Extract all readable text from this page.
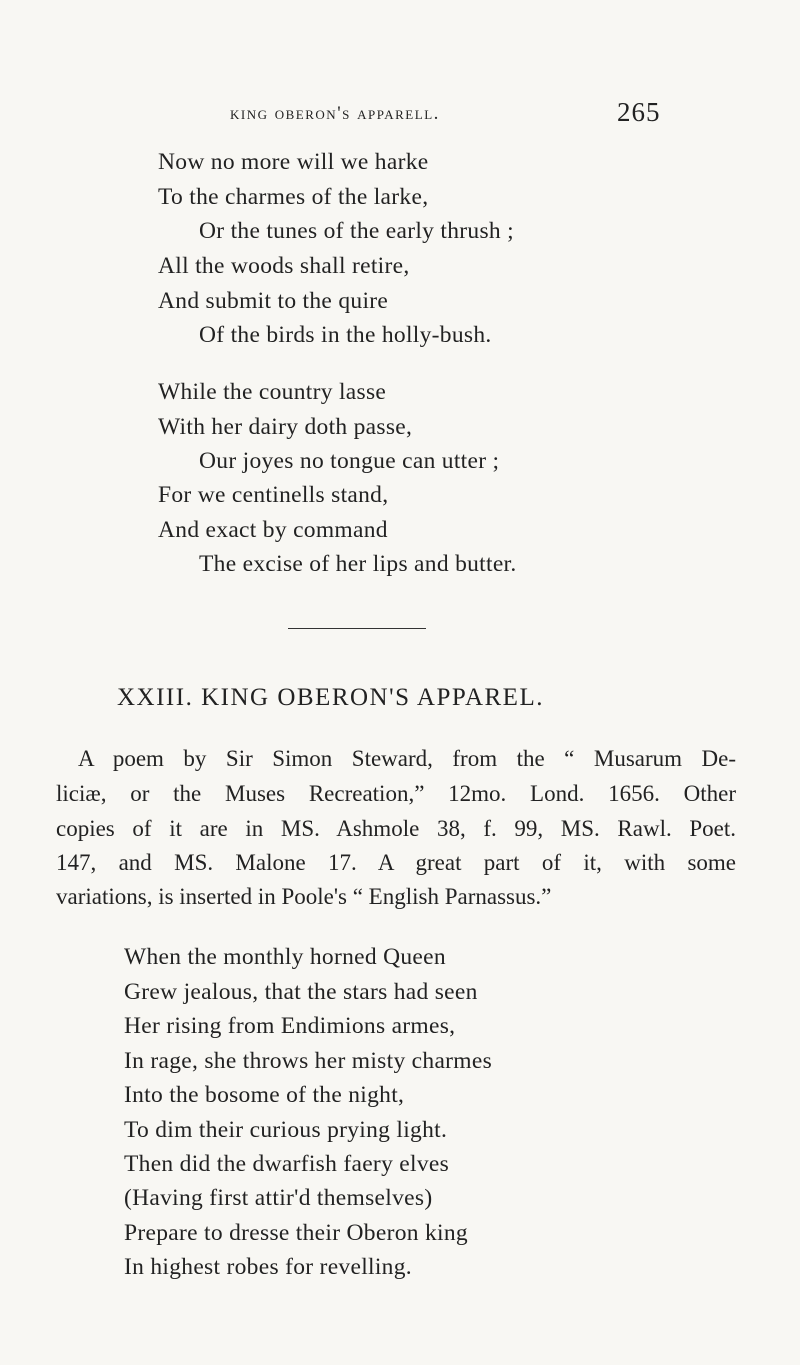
king oberon's apparell.	265
Now no more will we harke
To the charmes of the larke,
Or the tunes of the early thrush ;
All the woods shall retire,
And submit to the quire
Of the birds in the holly-bush.
While the country lasse
With her dairy doth passe,
Our joyes no tongue can utter ;
For we centinells stand,
And exact by command
The excise of her lips and butter.
XXIII. KING OBERON'S APPAREL.
A poem by Sir Simon Steward, from the “ Musarum De-
liciæ, or the Muses Recreation,” 12mo. Lond. 1656. Other
copies of it are in MS. Ashmole 38, f. 99, MS. Rawl. Poet.
147, and MS. Malone 17. A great part of it, with some
variations, is inserted in Poole's “ English Parnassus.”
When the monthly horned Queen
Grew jealous, that the stars had seen
Her rising from Endimions armes,
In rage, she throws her misty charmes
Into the bosome of the night,
To dim their curious prying light.
Then did the dwarfish faery elves
(Having first attir'd themselves)
Prepare to dresse their Oberon king
In highest robes for revelling.
